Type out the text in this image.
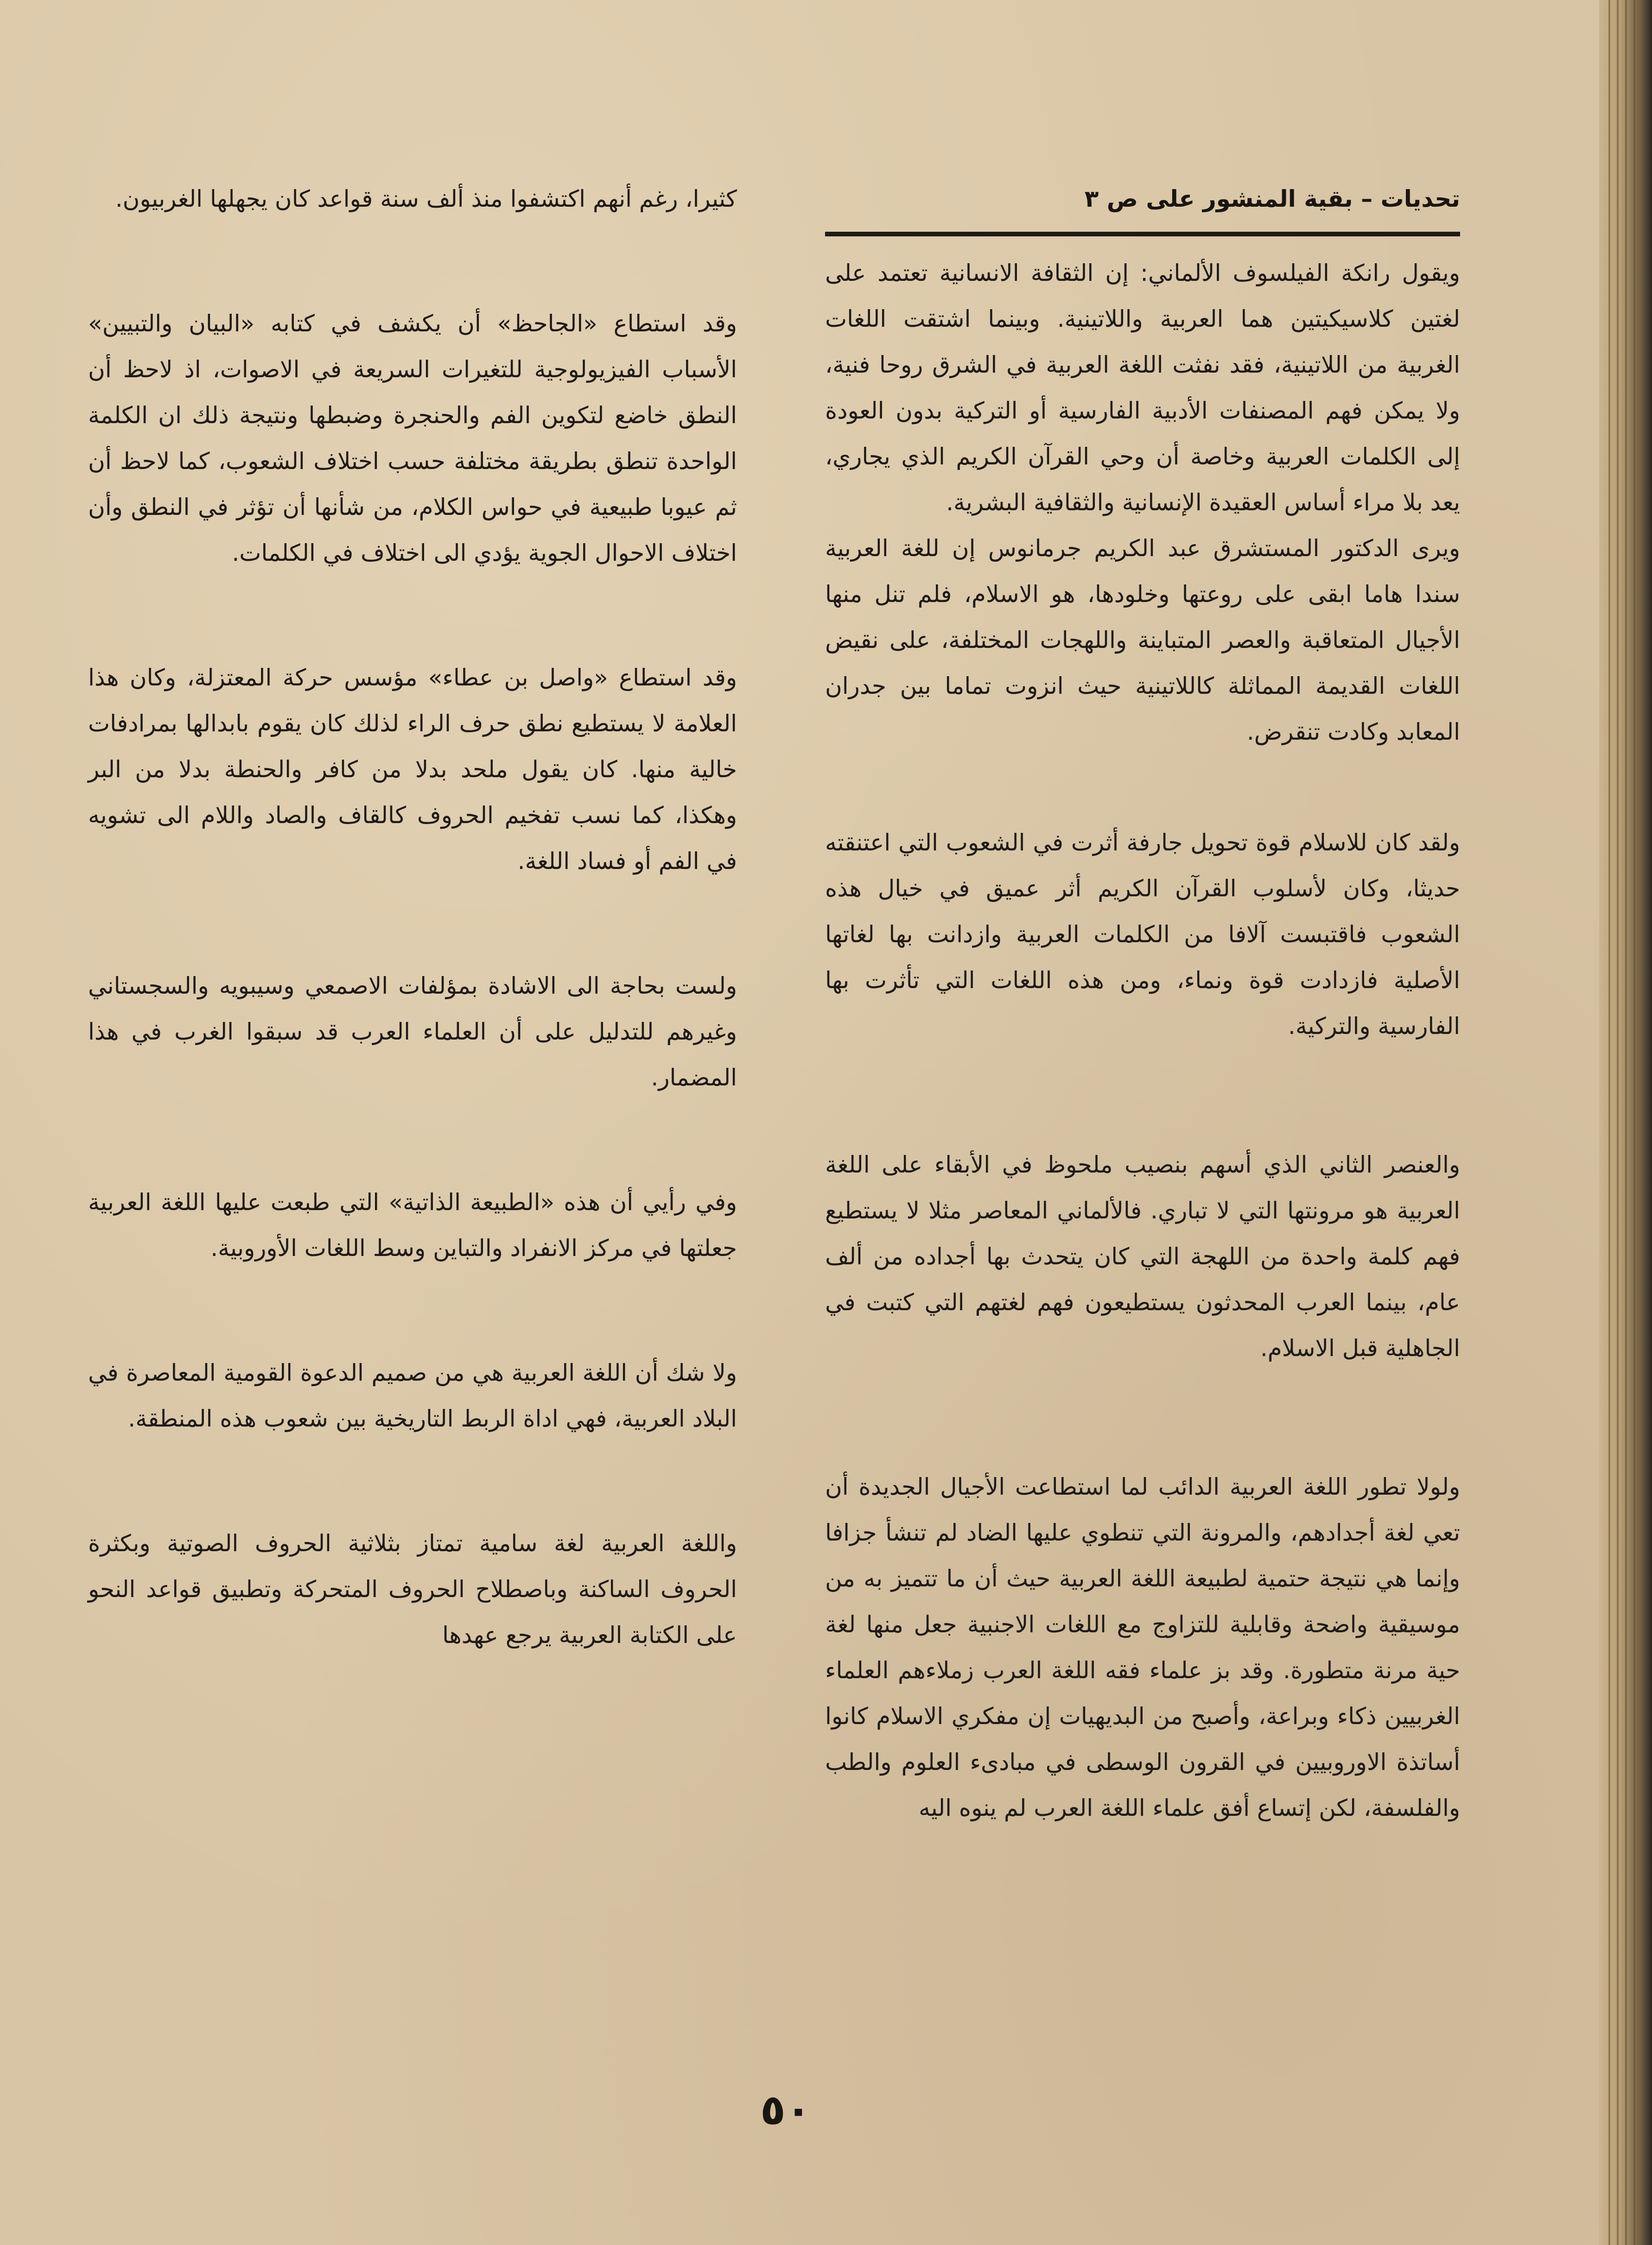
تحديات – بقية المنشور على ص ٣

ويقول رانكة الفيلسوف الألماني: إن الثقافة الانسانية تعتمد على لغتين كلاسيكيتين هما العربية واللاتينية. وبينما اشتقت اللغات الغربية من اللاتينية، فقد نفثت اللغة العربية في الشرق روحا فنية، ولا يمكن فهم المصنفات الأدبية الفارسية أو التركية بدون العودة إلى الكلمات العربية وخاصة أن وحي القرآن الكريم الذي يجاري، يعد بلا مراء أساس العقيدة الإنسانية والثقافية البشرية.

ويرى الدكتور المستشرق عبد الكريم جرمانوس إن للغة العربية سندا هاما ابقى على روعتها وخلودها، هو الاسلام، فلم تنل منها الأجيال المتعاقبة والعصر المتباينة واللهجات المختلفة، على نقيض اللغات القديمة المماثلة كاللاتينية حيث انزوت تماما بين جدران المعابد وكادت تنقرض.

ولقد كان للاسلام قوة تحويل جارفة أثرت في الشعوب التي اعتنقته حديثا، وكان لأسلوب القرآن الكريم أثر عميق في خيال هذه الشعوب فاقتبست آلافا من الكلمات العربية وازدانت بها لغاتها الأصلية فازدادت قوة ونماء، ومن هذه اللغات التي تأثرت بها الفارسية والتركية.

والعنصر الثاني الذي أسهم بنصيب ملحوظ في الأبقاء على اللغة العربية هو مرونتها التي لا تباري. فالألماني المعاصر مثلا لا يستطيع فهم كلمة واحدة من اللهجة التي كان يتحدث بها أجداده من ألف عام، بينما العرب المحدثون يستطيعون فهم لغتهم التي كتبت في الجاهلية قبل الاسلام.

ولولا تطور اللغة العربية الدائب لما استطاعت الأجيال الجديدة أن تعي لغة أجدادهم، والمرونة التي تنطوي عليها الضاد لم تنشأ جزافا وإنما هي نتيجة حتمية لطبيعة اللغة العربية حيث أن ما تتميز به من موسيقية واضحة وقابلية للتزاوج مع اللغات الاجنبية جعل منها لغة حية مرنة متطورة. وقد بز علماء فقه اللغة العرب زملاءهم العلماء الغربيين ذكاء وبراعة، وأصبح من البديهيات إن مفكري الاسلام كانوا أساتذة الاوروبيين في القرون الوسطى في مبادىء العلوم والطب والفلسفة، لكن إتساع أفق علماء اللغة العرب لم ينوه اليه

كثيرا، رغم أنهم اكتشفوا منذ ألف سنة قواعد كان يجهلها الغربيون.

وقد استطاع «الجاحظ» أن يكشف في كتابه «البيان والتبيين» الأسباب الفيزيولوجية للتغيرات السريعة في الاصوات، اذ لاحظ أن النطق خاضع لتكوين الفم والحنجرة وضبطها ونتيجة ذلك ان الكلمة الواحدة تنطق بطريقة مختلفة حسب اختلاف الشعوب، كما لاحظ أن ثم عيوبا طبيعية في حواس الكلام، من شأنها أن تؤثر في النطق وأن اختلاف الاحوال الجوية يؤدي الى اختلاف في الكلمات.

وقد استطاع «واصل بن عطاء» مؤسس حركة المعتزلة، وكان هذا العلامة لا يستطيع نطق حرف الراء لذلك كان يقوم بابدالها بمرادفات خالية منها. كان يقول ملحد بدلا من كافر والحنطة بدلا من البر وهكذا، كما نسب تفخيم الحروف كالقاف والصاد واللام الى تشويه في الفم أو فساد اللغة.

ولست بحاجة الى الاشادة بمؤلفات الاصمعي وسيبويه والسجستاني وغيرهم للتدليل على أن العلماء العرب قد سبقوا الغرب في هذا المضمار.

وفي رأيي أن هذه «الطبيعة الذاتية» التي طبعت عليها اللغة العربية جعلتها في مركز الانفراد والتباين وسط اللغات الأوروبية.

ولا شك أن اللغة العربية هي من صميم الدعوة القومية المعاصرة في البلاد العربية، فهي اداة الربط التاريخية بين شعوب هذه المنطقة.

واللغة العربية لغة سامية تمتاز بثلاثية الحروف الصوتية وبكثرة الحروف الساكنة وباصطلاح الحروف المتحركة وتطبيق قواعد النحو على الكتابة العربية يرجع عهدها

٥٠
